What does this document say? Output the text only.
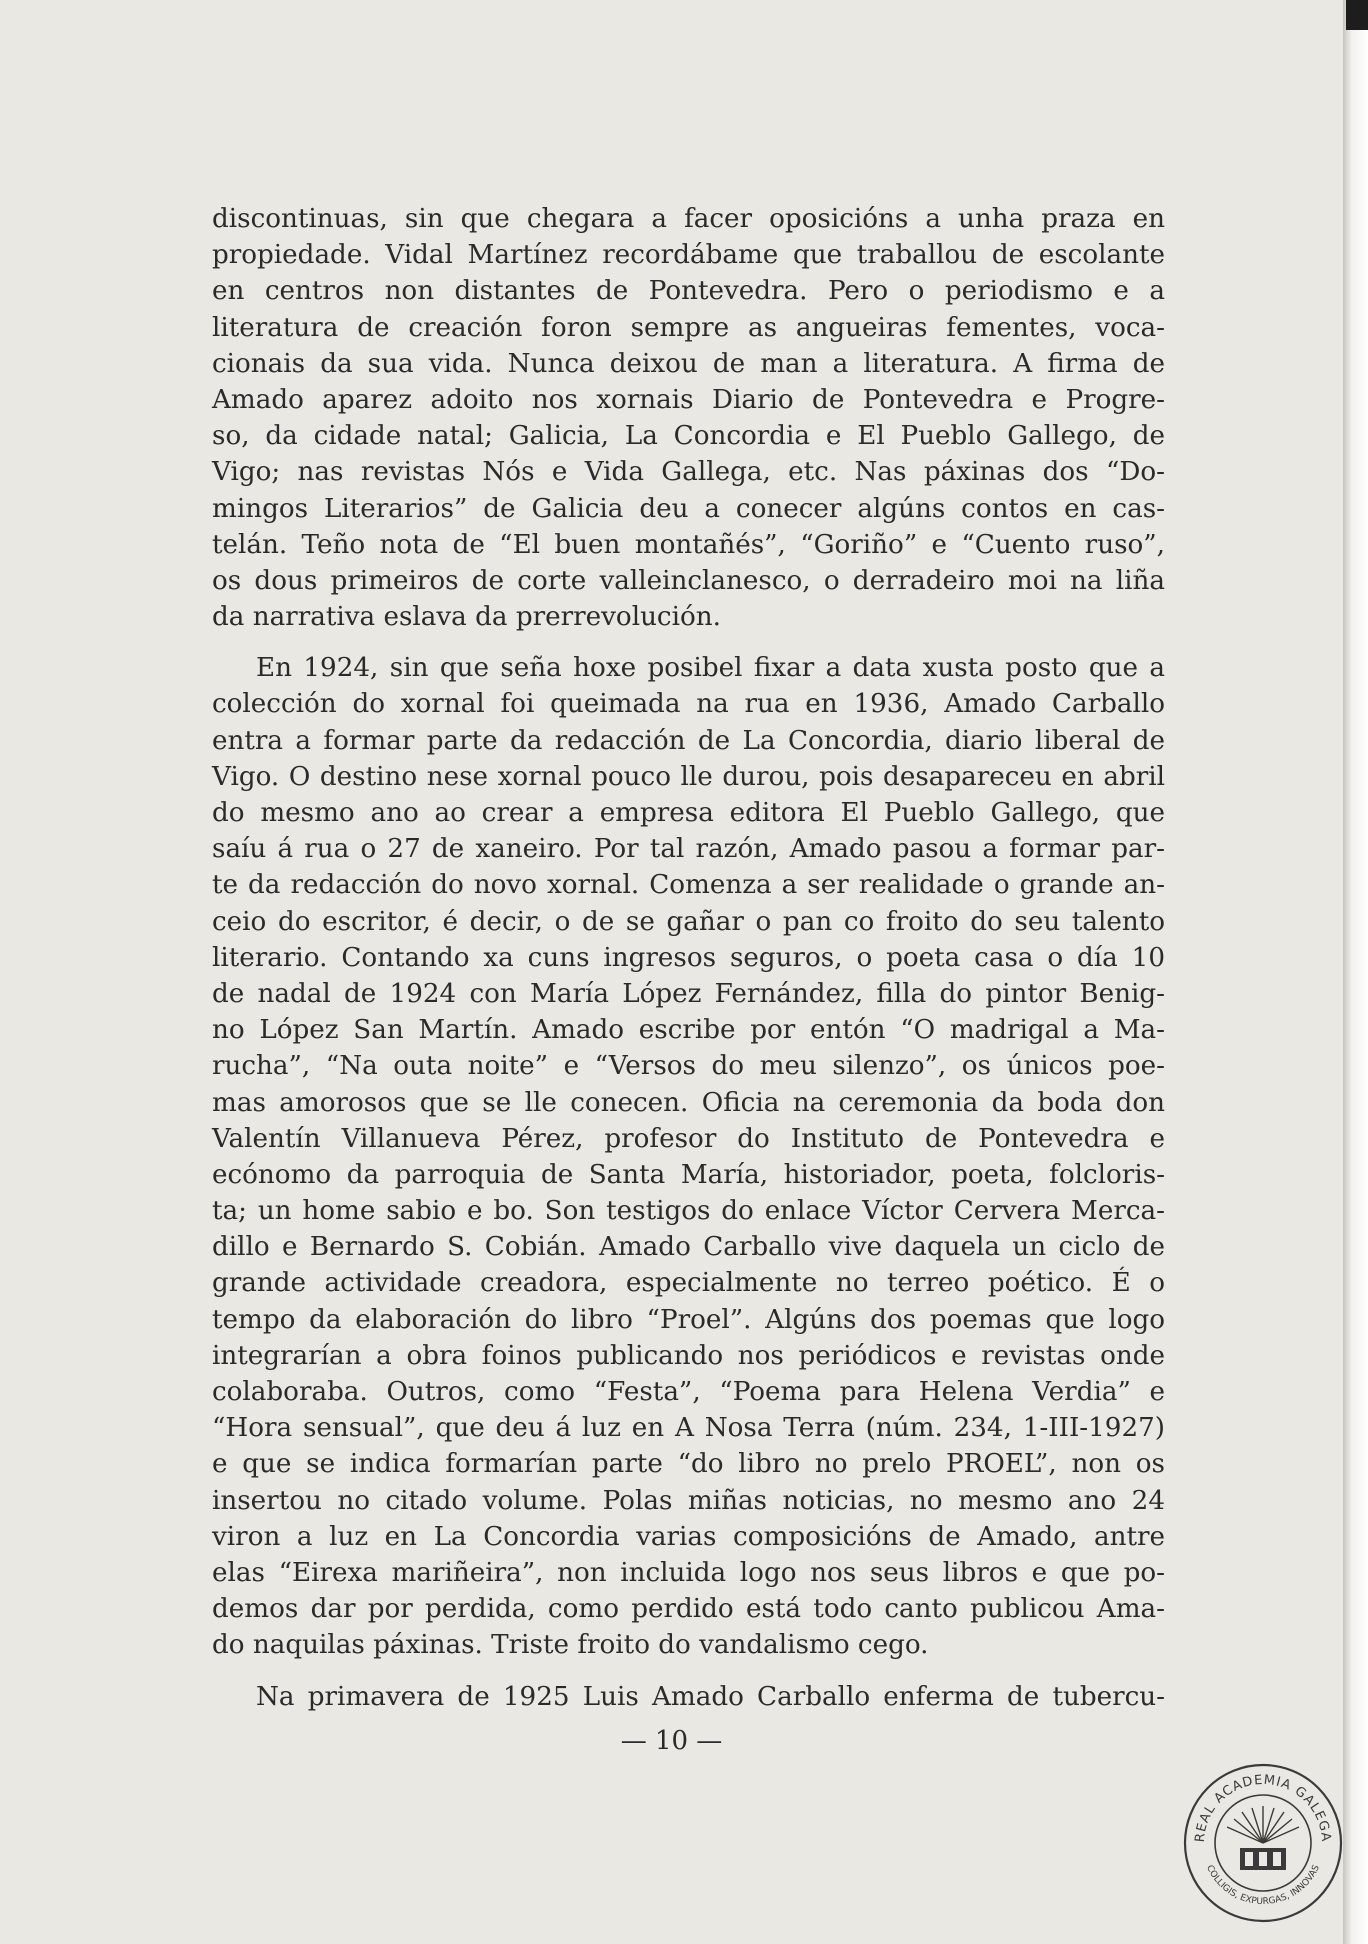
discontinuas, sin que chegara a facer oposicións a unha praza en
propiedade. Vidal Martínez recordábame que traballou de escolante
en centros non distantes de Pontevedra. Pero o periodismo e a
literatura de creación foron sempre as angueiras fementes, voca-
cionais da sua vida. Nunca deixou de man a literatura. A firma de
Amado aparez adoito nos xornais Diario de Pontevedra e Progre-
so, da cidade natal; Galicia, La Concordia e El Pueblo Gallego, de
Vigo; nas revistas Nós e Vida Gallega, etc. Nas páxinas dos “Do-
mingos Literarios” de Galicia deu a conecer algúns contos en cas-
telán. Teño nota de “El buen montañés”, “Goriño” e “Cuento ruso”,
os dous primeiros de corte valleinclanesco, o derradeiro moi na liña
da narrativa eslava da prerrevolución.
En 1924, sin que seña hoxe posibel fixar a data xusta posto que a
colección do xornal foi queimada na rua en 1936, Amado Carballo
entra a formar parte da redacción de La Concordia, diario liberal de
Vigo. O destino nese xornal pouco lle durou, pois desapareceu en abril
do mesmo ano ao crear a empresa editora El Pueblo Gallego, que
saíu á rua o 27 de xaneiro. Por tal razón, Amado pasou a formar par-
te da redacción do novo xornal. Comenza a ser realidade o grande an-
ceio do escritor, é decir, o de se gañar o pan co froito do seu talento
literario. Contando xa cuns ingresos seguros, o poeta casa o día 10
de nadal de 1924 con María López Fernández, filla do pintor Benig-
no López San Martín. Amado escribe por entón “O madrigal a Ma-
rucha”, “Na outa noite” e “Versos do meu silenzo”, os únicos poe-
mas amorosos que se lle conecen. Oficia na ceremonia da boda don
Valentín Villanueva Pérez, profesor do Instituto de Pontevedra e
ecónomo da parroquia de Santa María, historiador, poeta, folcloris-
ta; un home sabio e bo. Son testigos do enlace Víctor Cervera Merca-
dillo e Bernardo S. Cobián. Amado Carballo vive daquela un ciclo de
grande actividade creadora, especialmente no terreo poético. É o
tempo da elaboración do libro “Proel”. Algúns dos poemas que logo
integrarían a obra foinos publicando nos periódicos e revistas onde
colaboraba. Outros, como “Festa”, “Poema para Helena Verdia” e
“Hora sensual”, que deu á luz en A Nosa Terra (núm. 234, 1-III-1927)
e que se indica formarían parte “do libro no prelo PROEL”, non os
insertou no citado volume. Polas miñas noticias, no mesmo ano 24
viron a luz en La Concordia varias composicións de Amado, antre
elas “Eirexa mariñeira”, non incluida logo nos seus libros e que po-
demos dar por perdida, como perdido está todo canto publicou Ama-
do naquilas páxinas. Triste froito do vandalismo cego.
Na primavera de 1925 Luis Amado Carballo enferma de tubercu-
— 10 —
REAL ACADEMIA GALEGA
COLLIGIS, EXPURGAS, INNOVAS
